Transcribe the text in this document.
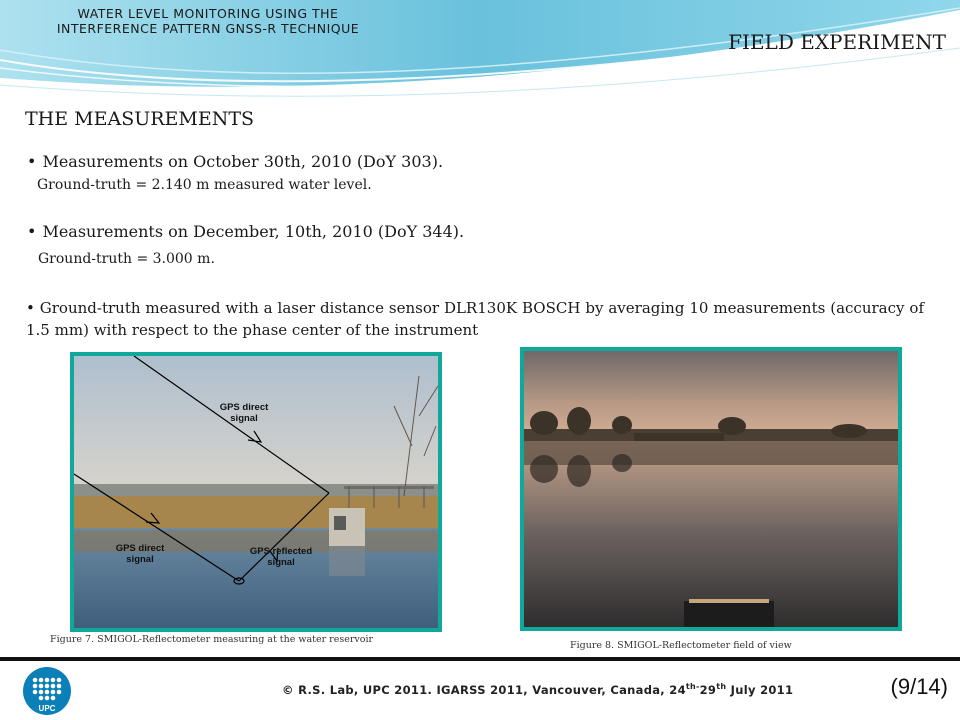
WATER LEVEL MONITORING USING THE
INTERFERENCE PATTERN GNSS-R TECHNIQUE
FIELD EXPERIMENT
THE MEASUREMENTS
• Measurements on October 30th, 2010 (DoY 303).
Ground-truth = 2.140 m measured water level.
• Measurements on December, 10th, 2010 (DoY 344).
Ground-truth = 3.000 m.
• Ground-truth measured with a laser distance sensor DLR130K BOSCH by averaging 10 measurements (accuracy of 1.5 mm) with respect to the phase center of the instrument
GPS direct
signal
GPS direct
signal
GPS reflected
signal
Figure 7. SMIGOL-Reflectometer measuring at the water reservoir
Figure 8. SMIGOL-Reflectometer field of view
UPC
© R.S. Lab, UPC 2011. IGARSS 2011, Vancouver, Canada, $24^{th-}29th$ July 2011	(9/14)
